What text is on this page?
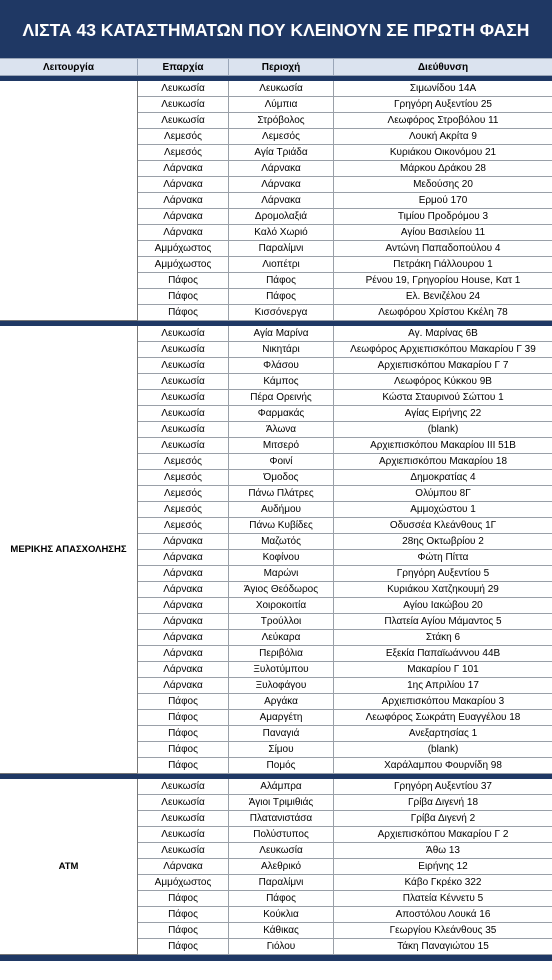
ΛΙΣΤΑ 43 ΚΑΤΑΣΤΗΜΑΤΩΝ ΠΟΥ ΚΛΕΙΝΟΥΝ ΣΕ ΠΡΩΤΗ ΦΑΣΗ
Λειτουργία	Επαρχία	Περιοχή	Διεύθυνση
Λευκωσία	Λευκωσία	Σιμωνίδου 14Α
Λευκωσία	Λύμπια	Γρηγόρη Αυξεντίου 25
Λευκωσία	Στρόβολος	Λεωφόρος Στροβόλου 11
Λεμεσός	Λεμεσός	Λουκή Ακρίτα 9
Λεμεσός	Αγία Τριάδα	Κυριάκου Οικονόμου 21
Λάρνακα	Λάρνακα	Μάρκου Δράκου 28
Λάρνακα	Λάρνακα	Μεδούσης 20
Λάρνακα	Λάρνακα	Ερμού 170
Λάρνακα	Δρομολαξιά	Τιμίου Προδρόμου 3
Λάρνακα	Καλό Χωριό	Αγίου Βασιλείου 11
Αμμόχωστος	Παραλίμνι	Αντώνη Παπαδοπούλου 4
Αμμόχωστος	Λιοπέτρι	Πετράκη Γιάλλουρου 1
Πάφος	Πάφος	Ρένου 19, Γρηγορίου House, Κατ 1
Πάφος	Πάφος	Ελ. Βενιζέλου 24
Πάφος	Κισσόνεργα	Λεωφόρου Χρίστου Κκέλη 78
ΜΕΡΙΚΗΣ ΑΠΑΣΧΟΛΗΣΗΣ
Λευκωσία	Αγία Μαρίνα	Αγ. Μαρίνας 6Β
Λευκωσία	Νικητάρι	Λεωφόρος Αρχιεπισκόπου Μακαρίου Γ 39
Λευκωσία	Φλάσου	Αρχιεπισκόπου Μακαρίου Γ 7
Λευκωσία	Κάμπος	Λεωφόρος Κύκκου 9Β
Λευκωσία	Πέρα Ορεινής	Κώστα Σταυρινού Σώττου 1
Λευκωσία	Φαρμακάς	Αγίας Ειρήνης 22
Λευκωσία	Άλωνα	(blank)
Λευκωσία	Μιτσερό	Αρχιεπισκόπου Μακαρίου ΙΙΙ 51Β
Λεμεσός	Φοινί	Αρχιεπισκόπου Μακαρίου 18
Λεμεσός	Όμοδος	Δημοκρατίας 4
Λεμεσός	Πάνω Πλάτρες	Ολύμπου 8Γ
Λεμεσός	Αυδήμου	Αμμοχώστου 1
Λεμεσός	Πάνω Κυβίδες	Οδυσσέα Κλεάνθους 1Γ
Λάρνακα	Μαζωτός	28ης Οκτωβρίου 2
Λάρνακα	Κοφίνου	Φώτη Πίττα
Λάρνακα	Μαρώνι	Γρηγόρη Αυξεντίου 5
Λάρνακα	Άγιος Θεόδωρος	Κυριάκου Χατζηκουμή 29
Λάρνακα	Χοιροκοιτία	Αγίου Ιακώβου 20
Λάρνακα	Τρούλλοι	Πλατεία Αγίου Μάμαντος 5
Λάρνακα	Λεύκαρα	Στάκη 6
Λάρνακα	Περιβόλια	Εξεκία Παπαϊωάννου 44Β
Λάρνακα	Ξυλοτύμπου	Μακαρίου Γ 101
Λάρνακα	Ξυλοφάγου	1ης Απριλίου 17
Πάφος	Αργάκα	Αρχιεπισκόπου Μακαρίου 3
Πάφος	Αμαργέτη	Λεωφόρος Σωκράτη Ευαγγέλου 18
Πάφος	Παναγιά	Ανεξαρτησίας 1
Πάφος	Σίμου	(blank)
Πάφος	Πομός	Χαράλαμπου Φουρνίδη 98
ATM
Λευκωσία	Αλάμπρα	Γρηγόρη Αυξεντίου 37
Λευκωσία	Άγιοι Τριμιθιάς	Γρίβα Διγενή 18
Λευκωσία	Πλατανιστάσα	Γρίβα Διγενή 2
Λευκωσία	Πολύστυπος	Αρχιεπισκόπου Μακαρίου Γ 2
Λευκωσία	Λευκωσία	Άθω 13
Λάρνακα	Αλεθρικό	Ειρήνης 12
Αμμόχωστος	Παραλίμνι	Κάβο Γκρέκο 322
Πάφος	Πάφος	Πλατεία Κέννετυ 5
Πάφος	Κούκλια	Αποστόλου Λουκά 16
Πάφος	Κάθικας	Γεωργίου Κλεάνθους 35
Πάφος	Γιόλου	Τάκη Παναγιώτου 15
